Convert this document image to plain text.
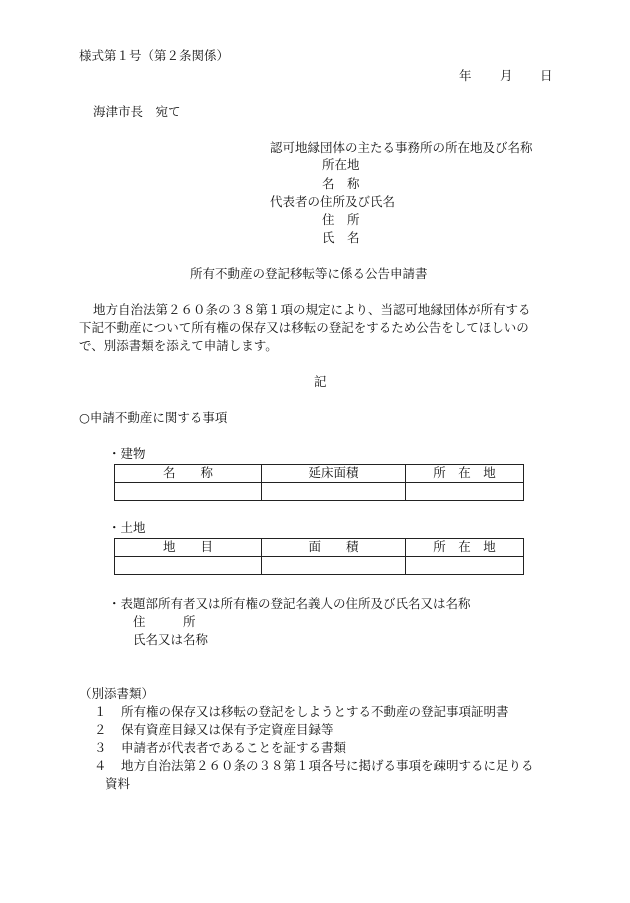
様式第１号（第２条関係）
年 月 日
海津市長　宛て
認可地縁団体の主たる事務所の所在地及び名称
所在地
名　称
代表者の住所及び氏名
住　所
氏　名
所有不動産の登記移転等に係る公告申請書
地方自治法第２６０条の３８第１項の規定により、当認可地縁団体が所有する
下記不動産について所有権の保存又は移転の登記をするため公告をしてほしいの
で、別添書類を添えて申請します。
記
○申請不動産に関する事項
・建物
名　　称	延床面積	所　在　地

・土地
地　　目	面　　積	所　在　地

・表題部所有者又は所有権の登記名義人の住所及び氏名又は名称
住　　　所
氏名又は名称
（別添書類）
１ 所有権の保存又は移転の登記をしようとする不動産の登記事項証明書
２ 保有資産目録又は保有予定資産目録等
３ 申請者が代表者であることを証する書類
４ 地方自治法第２６０条の３８第１項各号に掲げる事項を疎明するに足りる
資料
